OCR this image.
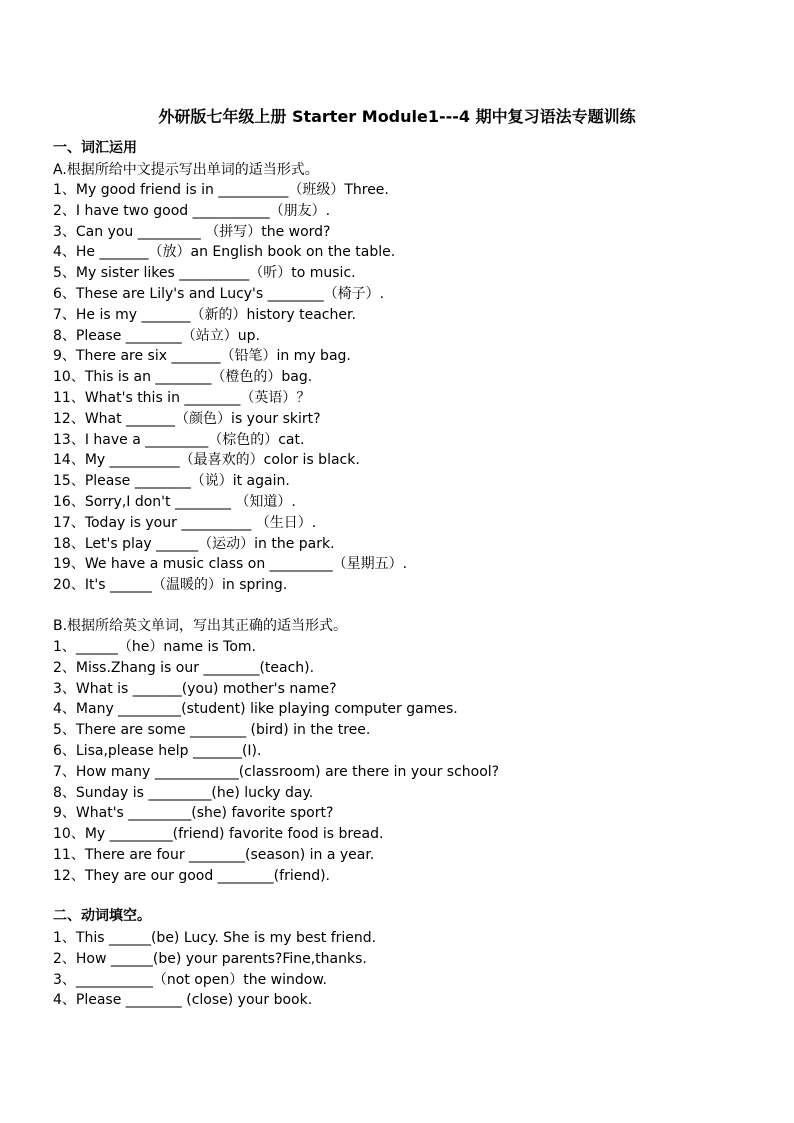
外研版七年级上册 Starter Module1---4 期中复习语法专题训练
一、词汇运用
A.根据所给中文提示写出单词的适当形式。
1、My good friend is in __________（班级）Three.
2、I have two good ___________（朋友）.
3、Can you _________ （拼写）the word?
4、He _______（放）an English book on the table.
5、My sister likes __________（听）to music.
6、These are Lily's and Lucy's ________（椅子）.
7、He is my _______（新的）history teacher.
8、Please ________（站立）up.
9、There are six _______（铅笔）in my bag.
10、This is an ________（橙色的）bag.
11、What's this in ________（英语）？
12、What _______（颜色）is your skirt?
13、I have a _________（棕色的）cat.
14、My __________（最喜欢的）color is black.
15、Please ________（说）it again.
16、Sorry,I don't ________ （知道）.
17、Today is your __________ （生日）.
18、Let's play ______（运动）in the park.
19、We have a music class on _________（星期五）.
20、It's ______（温暖的）in spring.
B.根据所给英文单词，写出其正确的适当形式。
1、______（he）name is Tom.
2、Miss.Zhang is our ________(teach).
3、What is _______(you) mother's name?
4、Many _________(student) like playing computer games.
5、There are some ________ (bird) in the tree.
6、Lisa,please help _______(I).
7、How many ____________(classroom) are there in your school?
8、Sunday is _________(he) lucky day.
9、What's _________(she) favorite sport?
10、My _________(friend) favorite food is bread.
11、There are four ________(season) in a year.
12、They are our good ________(friend).
二、动词填空。
1、This ______(be) Lucy. She is my best friend.
2、How ______(be) your parents?Fine,thanks.
3、___________（not open）the window.
4、Please ________ (close) your book.
